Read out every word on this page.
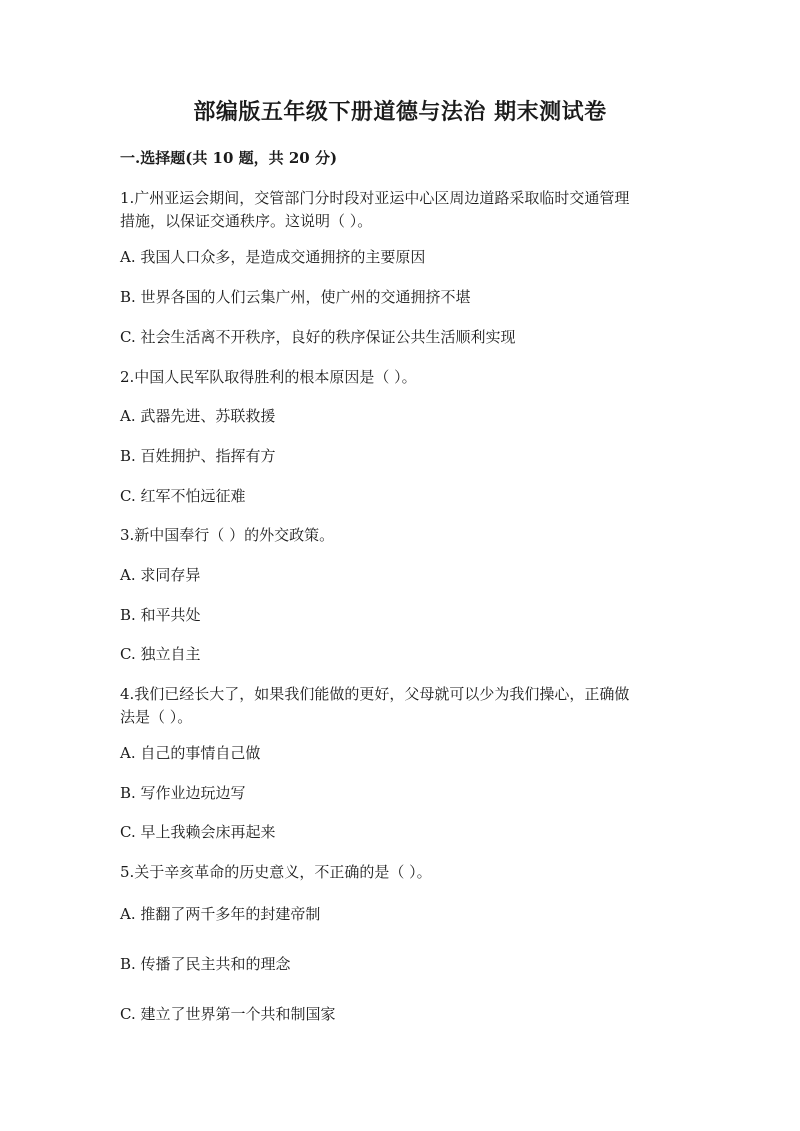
部编版五年级下册道德与法治 期末测试卷
一.选择题(共 10 题，共 20 分)
1.广州亚运会期间，交管部门分时段对亚运中心区周边道路采取临时交通管理
措施，以保证交通秩序。这说明（ ）。
A. 我国人口众多，是造成交通拥挤的主要原因
B. 世界各国的人们云集广州，使广州的交通拥挤不堪
C. 社会生活离不开秩序，良好的秩序保证公共生活顺利实现
2.中国人民军队取得胜利的根本原因是（ ）。
A. 武器先进、苏联救援
B. 百姓拥护、指挥有方
C. 红军不怕远征难
3.新中国奉行（ ）的外交政策。
A. 求同存异
B. 和平共处
C. 独立自主
4.我们已经长大了，如果我们能做的更好，父母就可以少为我们操心，正确做
法是（ ）。
A. 自己的事情自己做
B. 写作业边玩边写
C. 早上我赖会床再起来
5.关于辛亥革命的历史意义，不正确的是（ ）。
A. 推翻了两千多年的封建帝制
B. 传播了民主共和的理念
C. 建立了世界第一个共和制国家
